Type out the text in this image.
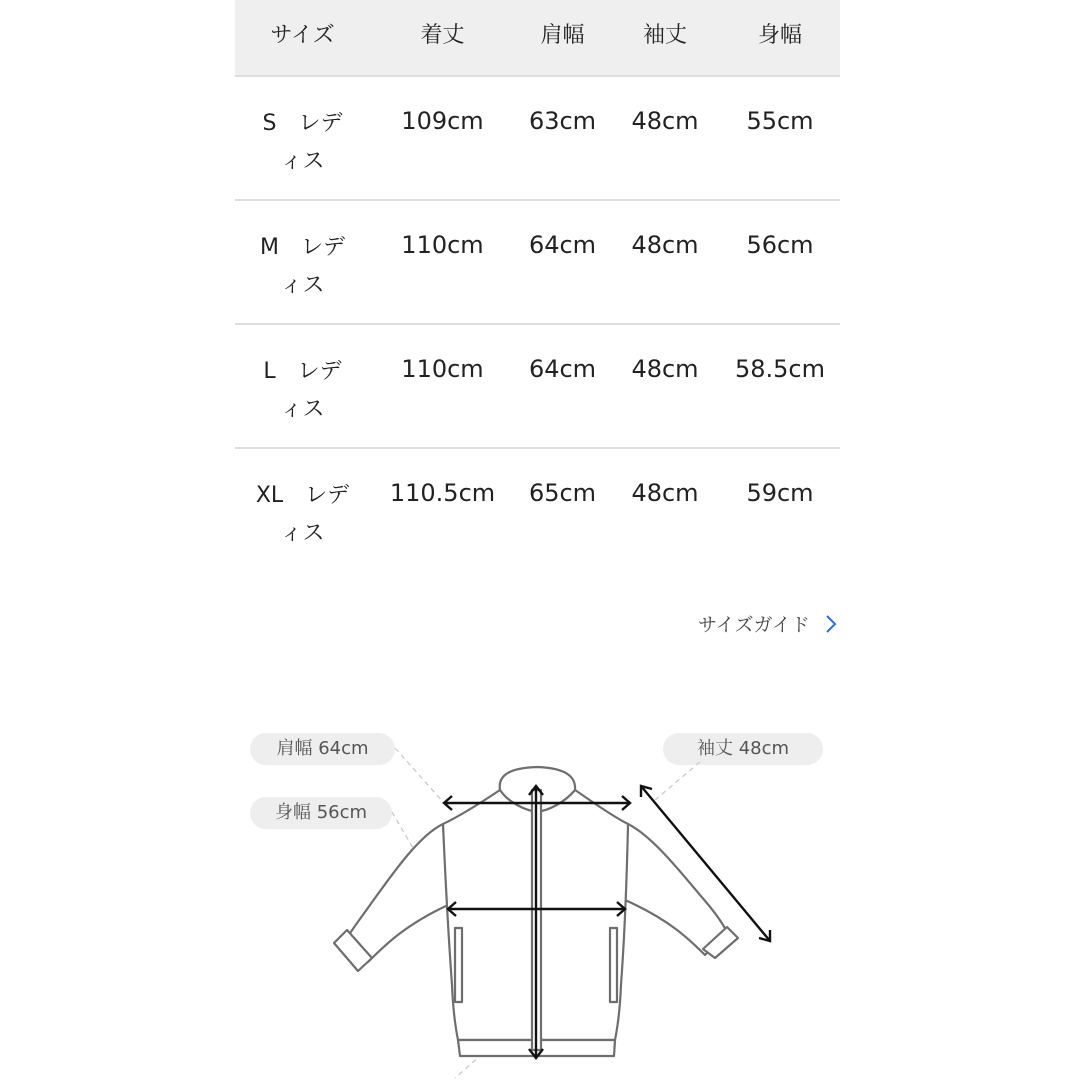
サイズ	着丈	肩幅	袖丈	身幅

S　レデ
ィス	109cm	63cm	48cm	55cm

M　レデ
ィス	110cm	64cm	48cm	56cm

L　レデ
ィス	110cm	64cm	48cm	58.5cm

XL　レデ
ィス	110.5cm	65cm	48cm	59cm
サイズガイド
肩幅 64cm
身幅 56cm
袖丈 48cm
